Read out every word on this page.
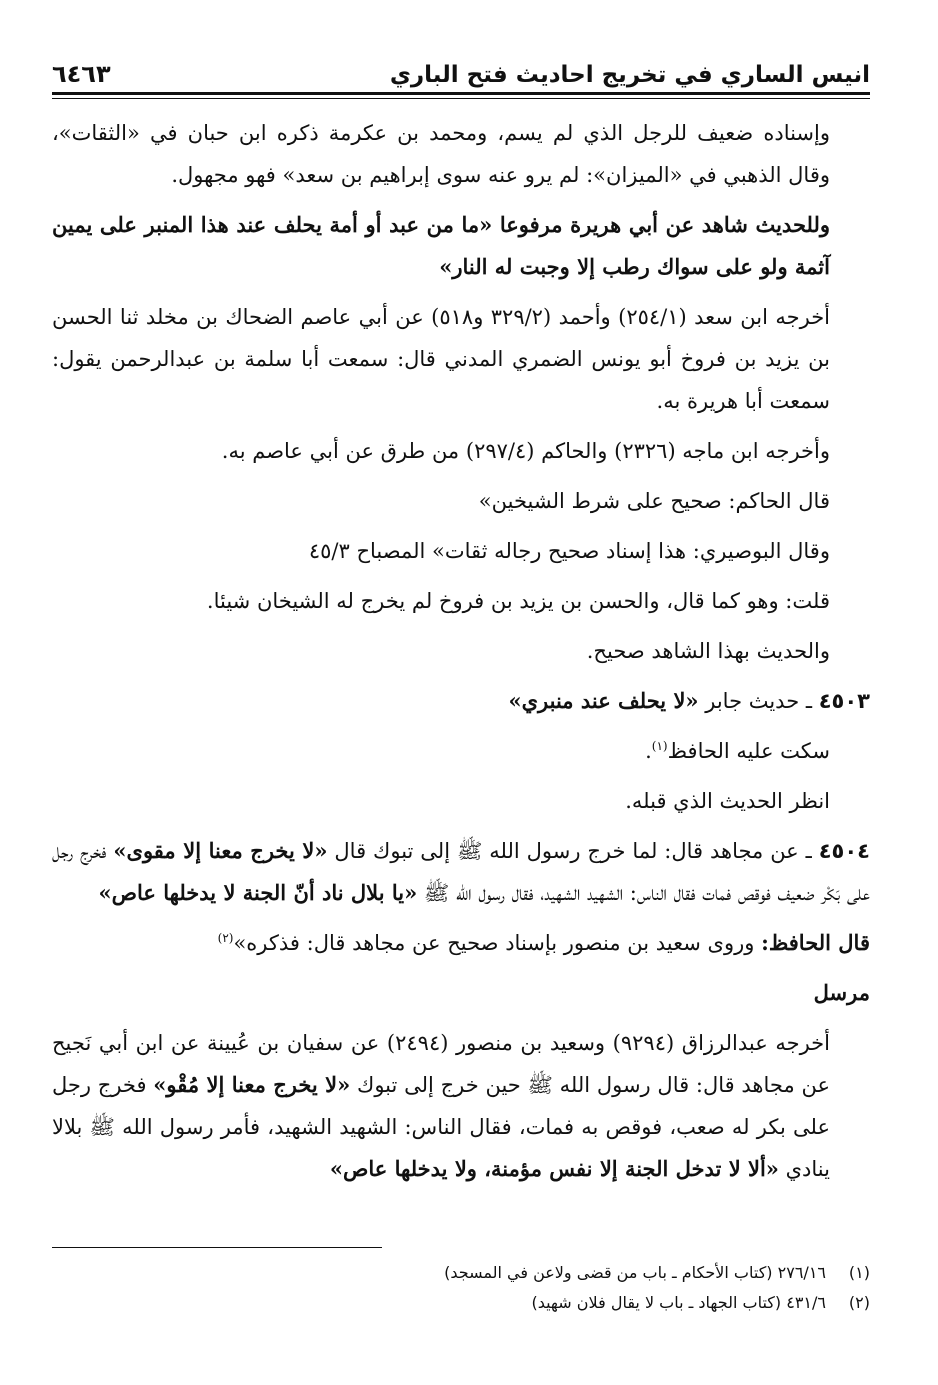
انيس الساري في تخريج احاديث فتح الباري
٦٤٦٣

وإسناده ضعيف للرجل الذي لم يسم، ومحمد بن عكرمة ذكره ابن حبان في «الثقات»، وقال الذهبي في «الميزان»: لم يرو عنه سوى إبراهيم بن سعد» فهو مجهول.

وللحديث شاهد عن أبي هريرة مرفوعا «ما من عبد أو أمة يحلف عند هذا المنبر على يمين آثمة ولو على سواك رطب إلا وجبت له النار»

أخرجه ابن سعد (٢٥٤/١) وأحمد (٣٢٩/٢ و٥١٨) عن أبي عاصم الضحاك بن مخلد ثنا الحسن بن يزيد بن فروخ أبو يونس الضمري المدني قال: سمعت أبا سلمة بن عبدالرحمن يقول: سمعت أبا هريرة به.

وأخرجه ابن ماجه (٢٣٢٦) والحاكم (٢٩٧/٤) من طرق عن أبي عاصم به.

قال الحاكم: صحيح على شرط الشيخين»

وقال البوصيري: هذا إسناد صحيح رجاله ثقات» المصباح ٤٥/٣

قلت: وهو كما قال، والحسن بن يزيد بن فروخ لم يخرج له الشيخان شيئا.

والحديث بهذا الشاهد صحيح.

٤٥٠٣ ـ حديث جابر «لا يحلف عند منبري»

سكت عليه الحافظ$^{(١)}$.

انظر الحديث الذي قبله.

٤٥٠٤ ـ عن مجاهد قال: لما خرج رسول الله ﷺ إلى تبوك قال «لا يخرج معنا إلا مقوى» فخرج رجل على بَكْر ضعيف فوقص فمات فقال الناس: الشهيد الشهيد، فقال رسول الله ﷺ «يا بلال ناد أنّ الجنة لا يدخلها عاص»

قال الحافظ: وروى سعيد بن منصور بإسناد صحيح عن مجاهد قال: فذكره»$^{(٢)}$

مرسل

أخرجه عبدالرزاق (٩٢٩٤) وسعيد بن منصور (٢٤٩٤) عن سفيان بن عُيينة عن ابن أبي نَجيح عن مجاهد قال: قال رسول الله ﷺ حين خرج إلى تبوك «لا يخرج معنا إلا مُقْو» فخرج رجل على بكر له صعب، فوقص به فمات، فقال الناس: الشهيد الشهيد، فأمر رسول الله ﷺ بلالا ينادي «ألا لا تدخل الجنة إلا نفس مؤمنة، ولا يدخلها عاص»

(١)
٢٧٦/١٦ (كتاب الأحكام ـ باب من قضى ولاعن في المسجد)
(٢)
٤٣١/٦ (كتاب الجهاد ـ باب لا يقال فلان شهيد)
